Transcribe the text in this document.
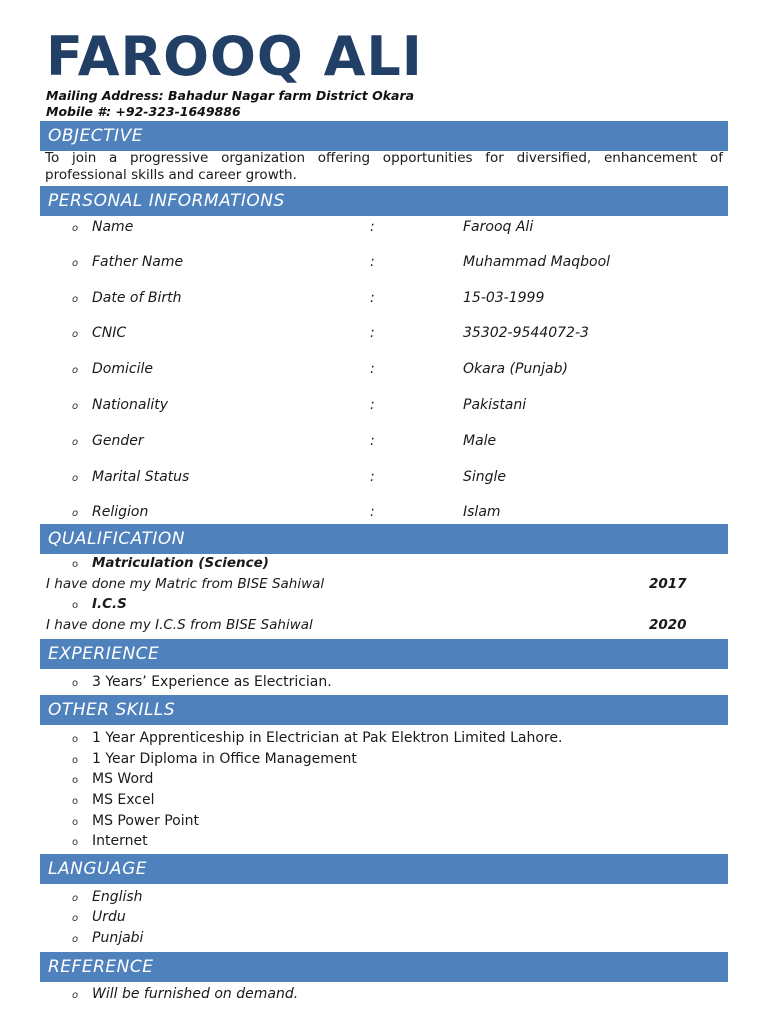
FAROOQ ALI
Mailing Address: Bahadur Nagar farm District Okara
Mobile #: +92-323-1649886
OBJECTIVE
To join a progressive organization offering opportunities for diversified, enhancement of professional skills and career growth.
PERSONAL INFORMATIONS
o Name	:	Farooq Ali
o Father Name	:	Muhammad Maqbool
o Date of Birth	:	15-03-1999
o CNIC	:	35302-9544072-3
o Domicile	:	Okara (Punjab)
o Nationality	:	Pakistani
o Gender	:	Male
o Marital Status	:	Single
o Religion	:	Islam
QUALIFICATION
o Matriculation (Science)
I have done my Matric from BISE Sahiwal	2017
o I.C.S
I have done my I.C.S from BISE Sahiwal	2020
EXPERIENCE
o 3 Years’ Experience as Electrician.
OTHER SKILLS
o 1 Year Apprenticeship in Electrician at Pak Elektron Limited Lahore.
o 1 Year Diploma in Office Management
o MS Word
o MS Excel
o MS Power Point
o Internet
LANGUAGE
o English
o Urdu
o Punjabi
REFERENCE
o Will be furnished on demand.
